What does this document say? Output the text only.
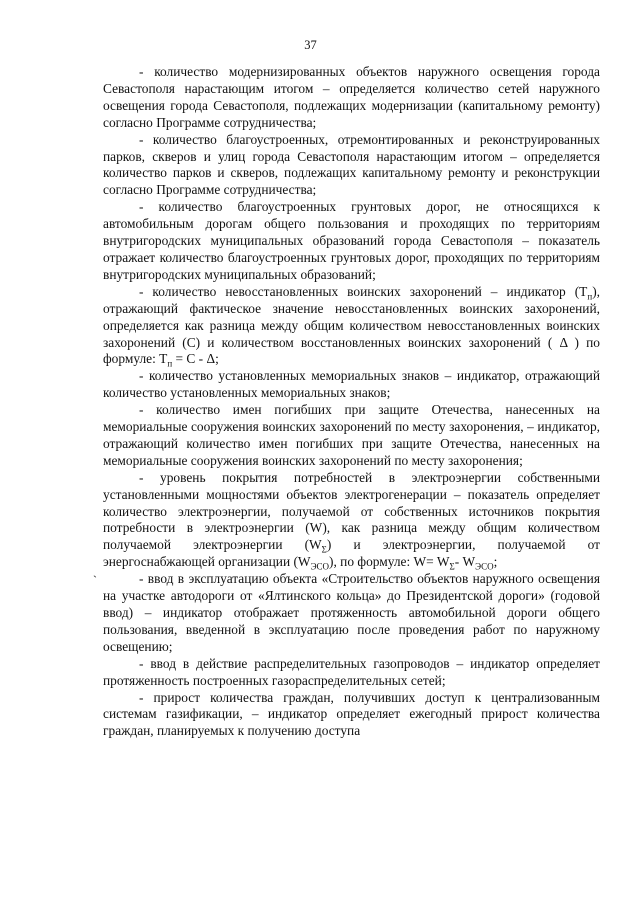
37
`

- количество модернизированных объектов наружного освещения города Севастополя нарастающим итогом – определяется количество сетей наружного освещения города Севастополя, подлежащих модернизации (капитальному ремонту) согласно Программе сотрудничества;

- количество благоустроенных, отремонтированных и реконструированных парков, скверов и улиц города Севастополя нарастающим итогом – определяется количество парков и скверов, подлежащих капитальному ремонту и реконструкции согласно Программе сотрудничества;

- количество благоустроенных грунтовых дорог, не относящихся к автомобильным дорогам общего пользования и проходящих по территориям внутригородских муниципальных образований города Севастополя – показатель отражает количество благоустроенных грунтовых дорог, проходящих по территориям внутригородских муниципальных образований;

- количество невосстановленных воинских захоронений – индикатор $(Т_п)$, отражающий фактическое значение невосстановленных воинских захоронений, определяется как разница между общим количеством невосстановленных воинских захоронений (С) и количеством восстановленных воинских захоронений ( Δ ) по формуле: $Т_п = С - \Delta$;

- количество установленных мемориальных знаков – индикатор, отражающий количество установленных мемориальных знаков;

- количество имен погибших при защите Отечества, нанесенных на мемориальные сооружения воинских захоронений по месту захоронения, – индикатор, отражающий количество имен погибших при защите Отечества, нанесенных на мемориальные сооружения воинских захоронений по месту захоронения;

- уровень покрытия потребностей в электроэнергии собственными установленными мощностями объектов электрогенерации – показатель определяет количество электроэнергии, получаемой от собственных источников покрытия потребности в электроэнергии (W), как разница между общим количеством получаемой электроэнергии $(W_\Sigma)$ и электроэнергии, получаемой от энергоснабжающей организации $(W_{ЭСО})$, по формуле: $W= W_\Sigma-$ $W_{ЭСО}$;

- ввод в эксплуатацию объекта «Строительство объектов наружного освещения на участке автодороги от «Ялтинского кольца» до Президентской дороги» (годовой ввод) – индикатор отображает протяженность автомобильной дороги общего пользования, введенной в эксплуатацию после проведения работ по наружному освещению;

- ввод в действие распределительных газопроводов – индикатор определяет протяженность построенных газораспределительных сетей;

- прирост количества граждан, получивших доступ к централизованным системам газификации, – индикатор определяет ежегодный прирост количества граждан, планируемых к получению доступа
